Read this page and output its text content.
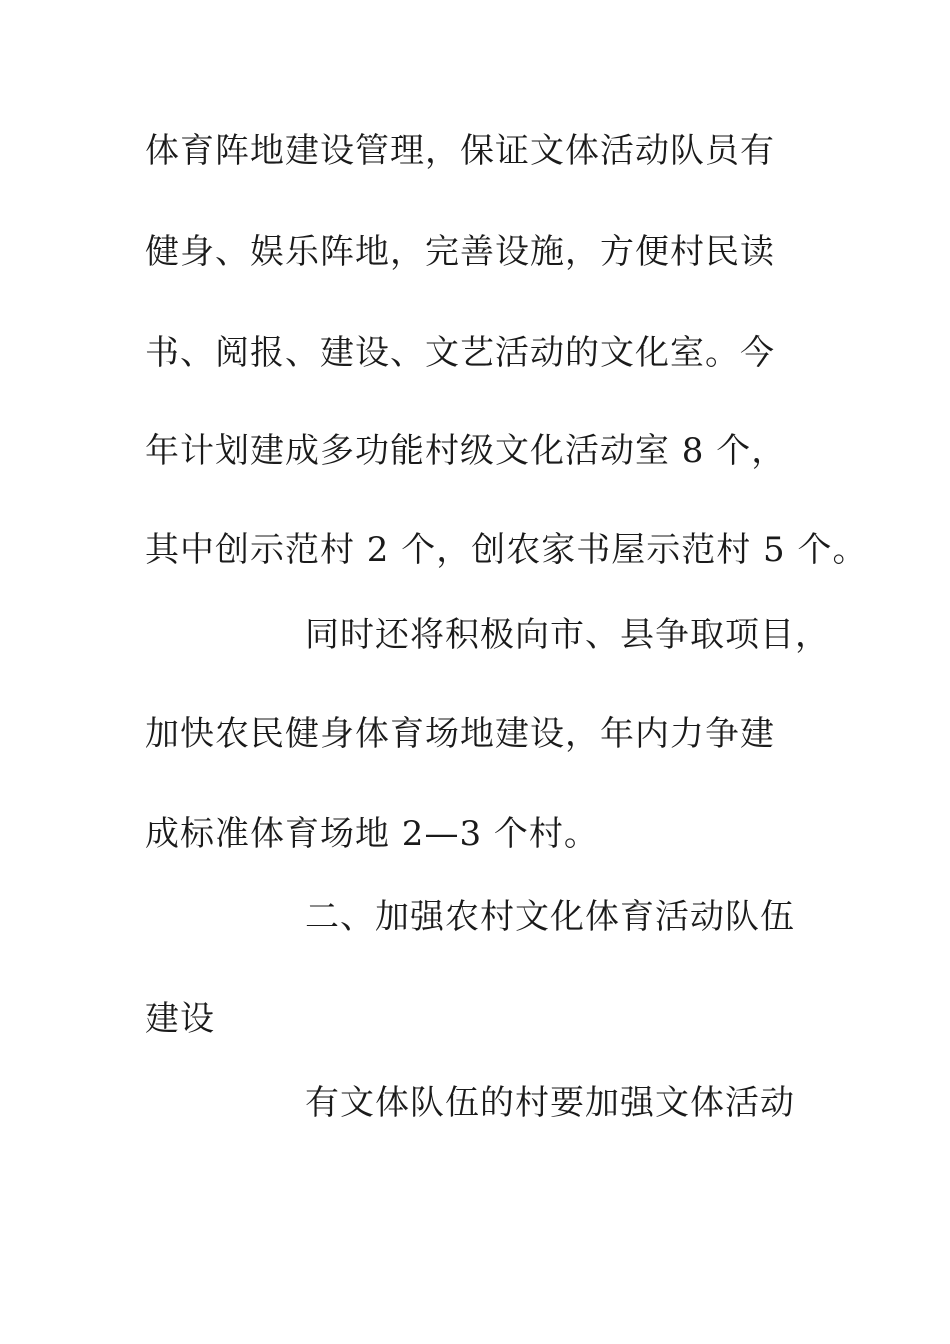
体育阵地建设管理，保证文体活动队员有
健身、娱乐阵地，完善设施，方便村民读
书、阅报、建设、文艺活动的文化室。今
年计划建成多功能村级文化活动室 8 个，
其中创示范村 2 个，创农家书屋示范村 5 个。
同时还将积极向市、县争取项目，
加快农民健身体育场地建设，年内力争建
成标准体育场地 2—3 个村。
二、加强农村文化体育活动队伍
建设
有文体队伍的村要加强文体活动
